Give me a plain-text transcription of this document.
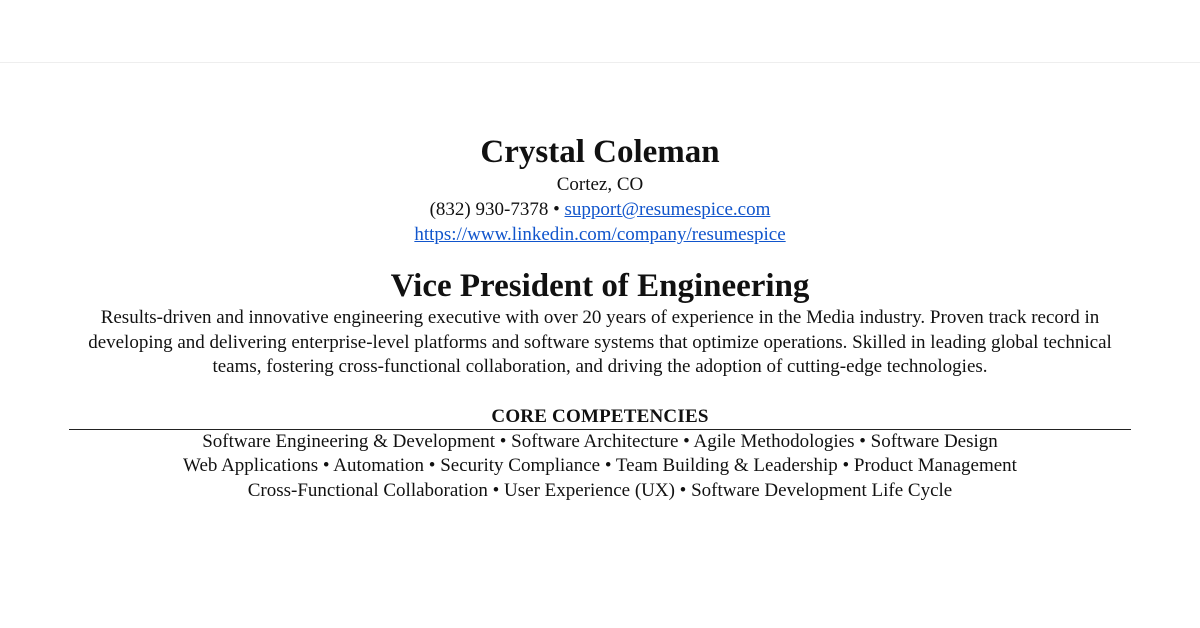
Crystal Coleman

Cortez, CO

(832) 930-7378 • support@resumespice.com

https://www.linkedin.com/company/resumespice

Vice President of Engineering

Results-driven and innovative engineering executive with over 20 years of experience in the Media industry. Proven track record in developing and delivering enterprise-level platforms and software systems that optimize operations. Skilled in leading global technical teams, fostering cross-functional collaboration, and driving the adoption of cutting-edge technologies.

CORE COMPETENCIES
Software Engineering & Development • Software Architecture • Agile Methodologies • Software Design
Web Applications • Automation • Security Compliance • Team Building & Leadership • Product Management
Cross-Functional Collaboration • User Experience (UX) • Software Development Life Cycle
